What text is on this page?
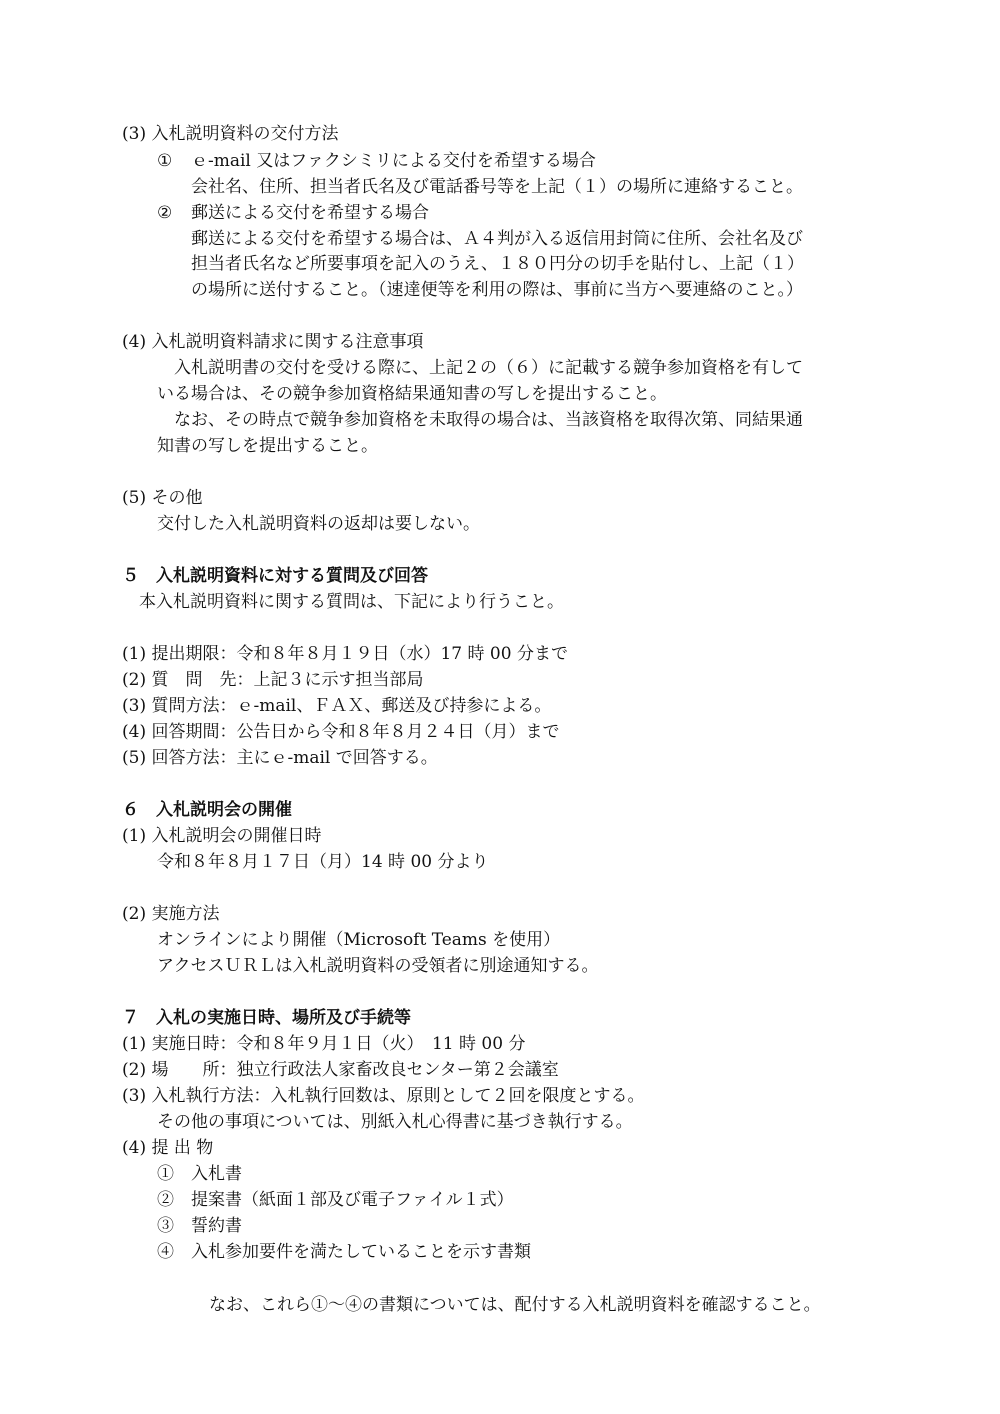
(3) 入札説明資料の交付方法
① ｅ-mail 又はファクシミリによる交付を希望する場合
会社名、住所、担当者氏名及び電話番号等を上記（１）の場所に連絡すること。
② 郵送による交付を希望する場合
郵送による交付を希望する場合は、Ａ４判が入る返信用封筒に住所、会社名及び
担当者氏名など所要事項を記入のうえ、１８０円分の切手を貼付し、上記（１）
の場所に送付すること。（速達便等を利用の際は、事前に当方へ要連絡のこと。）
(4) 入札説明資料請求に関する注意事項
入札説明書の交付を受ける際に、上記２の（６）に記載する競争参加資格を有して
いる場合は、その競争参加資格結果通知書の写しを提出すること。
なお、その時点で競争参加資格を未取得の場合は、当該資格を取得次第、同結果通
知書の写しを提出すること。
(5) その他
交付した入札説明資料の返却は要しない。
５　入札説明資料に対する質問及び回答
本入札説明資料に関する質問は、下記により行うこと。
(1) 提出期限：令和８年８月１９日（水）17 時 00 分まで
(2) 質　問　先：上記３に示す担当部局
(3) 質問方法：ｅ-mail、ＦＡＸ、郵送及び持参による。
(4) 回答期間：公告日から令和８年８月２４日（月）まで
(5) 回答方法：主にｅ-mail で回答する。
６　入札説明会の開催
(1) 入札説明会の開催日時
令和８年８月１７日（月）14 時 00 分より
(2) 実施方法
オンラインにより開催（Microsoft Teams を使用）
アクセスＵＲＬは入札説明資料の受領者に別途通知する。
７　入札の実施日時、場所及び手続等
(1) 実施日時：令和８年９月１日（火）　11 時 00 分
(2) 場　　所：独立行政法人家畜改良センター第２会議室
(3) 入札執行方法：入札執行回数は、原則として２回を限度とする。
その他の事項については、別紙入札心得書に基づき執行する。
(4) 提 出 物
①　入札書
②　提案書（紙面１部及び電子ファイル１式）
③　誓約書
④　入札参加要件を満たしていることを示す書類
なお、これら①～④の書類については、配付する入札説明資料を確認すること。
